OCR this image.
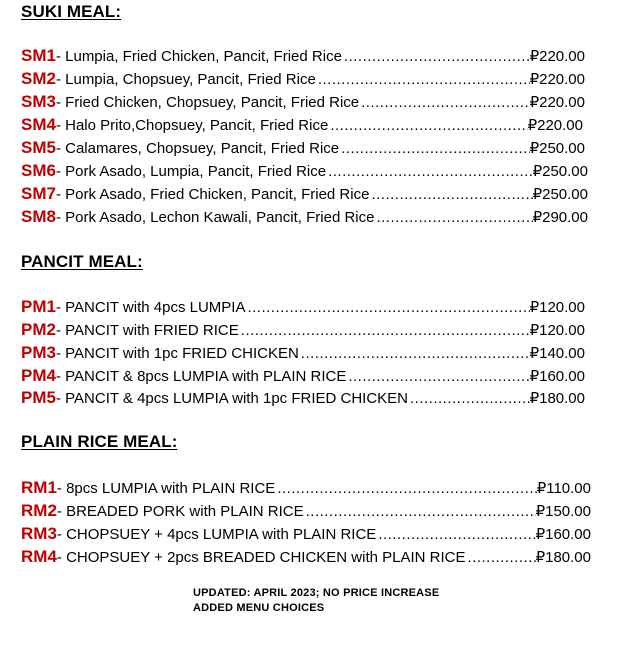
SUKI MEAL:
SM1 - Lumpia, Fried Chicken, Pancit, Fried Rice .....	₽220.00
SM2 - Lumpia, Chopsuey, Pancit, Fried Rice .....	₽220.00
SM3 - Fried Chicken, Chopsuey, Pancit, Fried Rice .....	₽220.00
SM4 - Halo Prito,Chopsuey, Pancit, Fried Rice .....	₽220.00
SM5 - Calamares, Chopsuey, Pancit, Fried Rice .....	₽250.00
SM6 - Pork Asado, Lumpia, Pancit, Fried Rice .....	₽250.00
SM7 - Pork Asado, Fried Chicken, Pancit, Fried Rice .....	₽250.00
SM8 - Pork Asado, Lechon Kawali, Pancit, Fried Rice .....	₽290.00
PANCIT MEAL:
PM1 - PANCIT with 4pcs LUMPIA .....	₽120.00
PM2 - PANCIT with FRIED RICE .....	₽120.00
PM3 - PANCIT with 1pc FRIED CHICKEN .....	₽140.00
PM4 - PANCIT & 8pcs LUMPIA with PLAIN RICE .....	₽160.00
PM5 - PANCIT & 4pcs LUMPIA with 1pc FRIED CHICKEN .....	₽180.00
PLAIN RICE MEAL:
RM1 - 8pcs LUMPIA with PLAIN RICE .....	₽110.00
RM2 - BREADED PORK with PLAIN RICE .....	₽150.00
RM3 - CHOPSUEY + 4pcs LUMPIA with PLAIN RICE .....	₽160.00
RM4 - CHOPSUEY + 2pcs BREADED CHICKEN with PLAIN RICE .....	₽180.00
UPDATED: APRIL 2023; NO PRICE INCREASE
ADDED MENU CHOICES
